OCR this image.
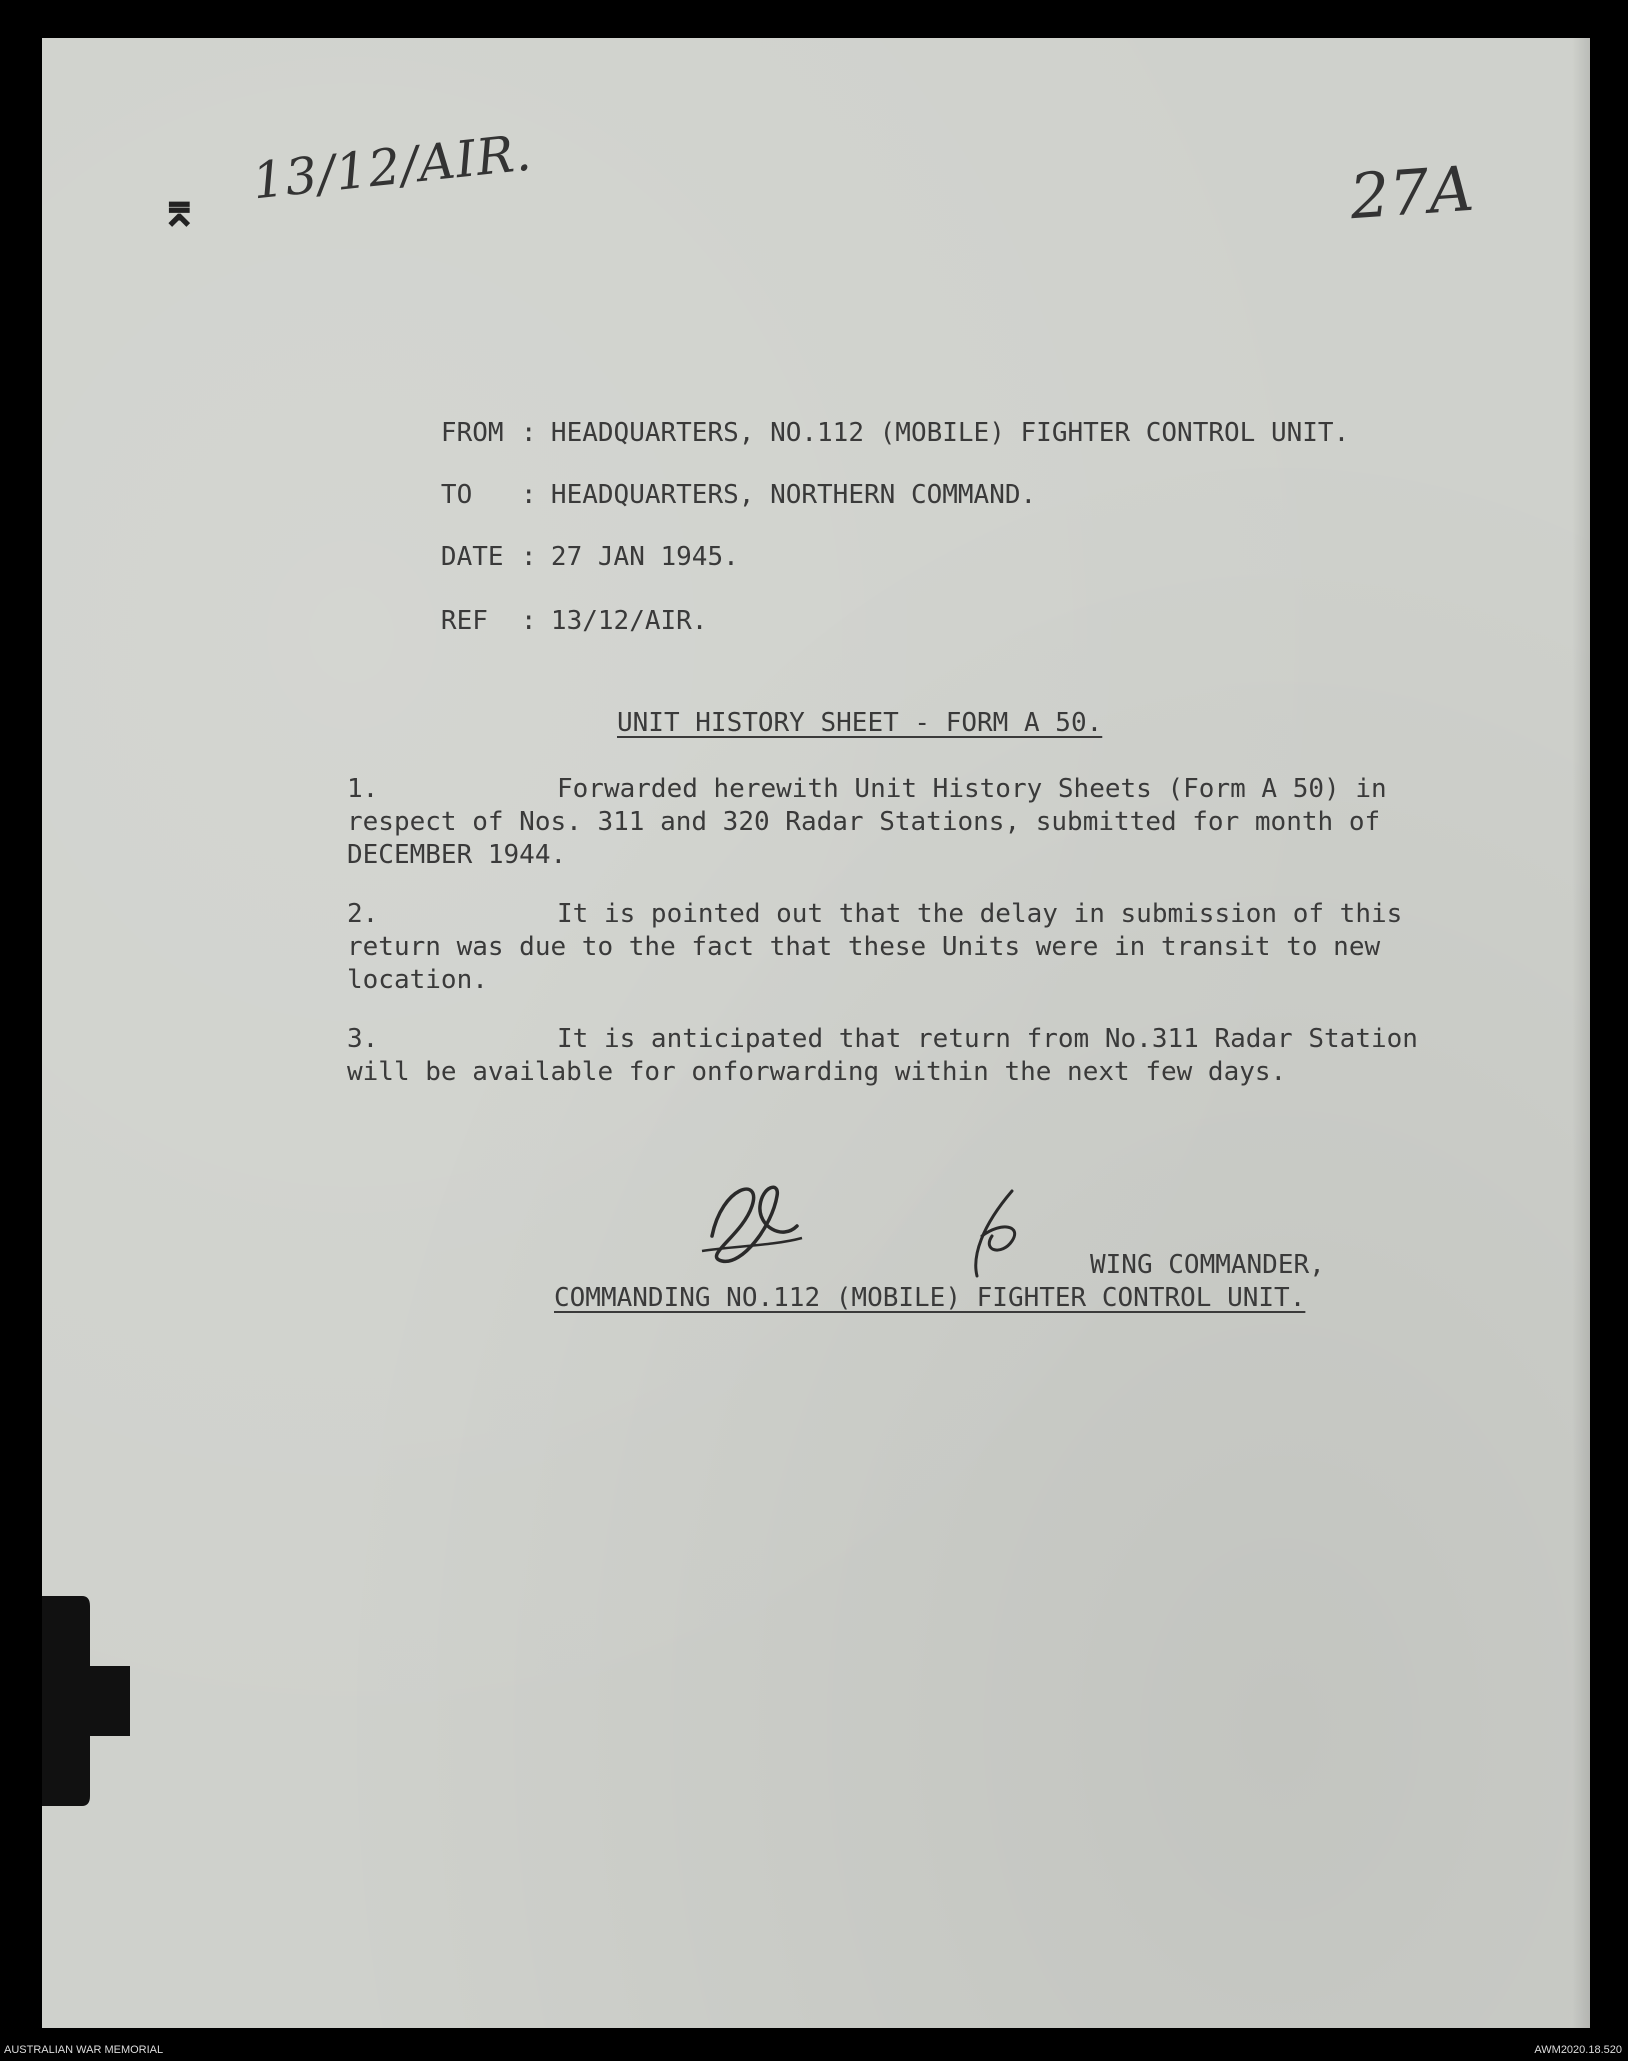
⌆ 13/12/AIR.	27A

FROM : HEADQUARTERS, NO.112 (MOBILE) FIGHTER CONTROL UNIT.

TO : HEADQUARTERS, NORTHERN COMMAND.

DATE : 27 JAN 1945.

REF : 13/12/AIR.

UNIT HISTORY SHEET - FORM A 50.
1.	Forwarded herewith Unit History Sheets (Form A 50) in respect of Nos. 311 and 320 Radar Stations, submitted for month of DECEMBER 1944.
2.	It is pointed out that the delay in submission of this return was due to the fact that these Units were in transit to new location.
3.	It is anticipated that return from No.311 Radar Station will be available for onforwarding within the next few days.
WING COMMANDER,
COMMANDING NO.112 (MOBILE) FIGHTER CONTROL UNIT.
AUSTRALIAN WAR MEMORIAL	AWM2020.18.520
